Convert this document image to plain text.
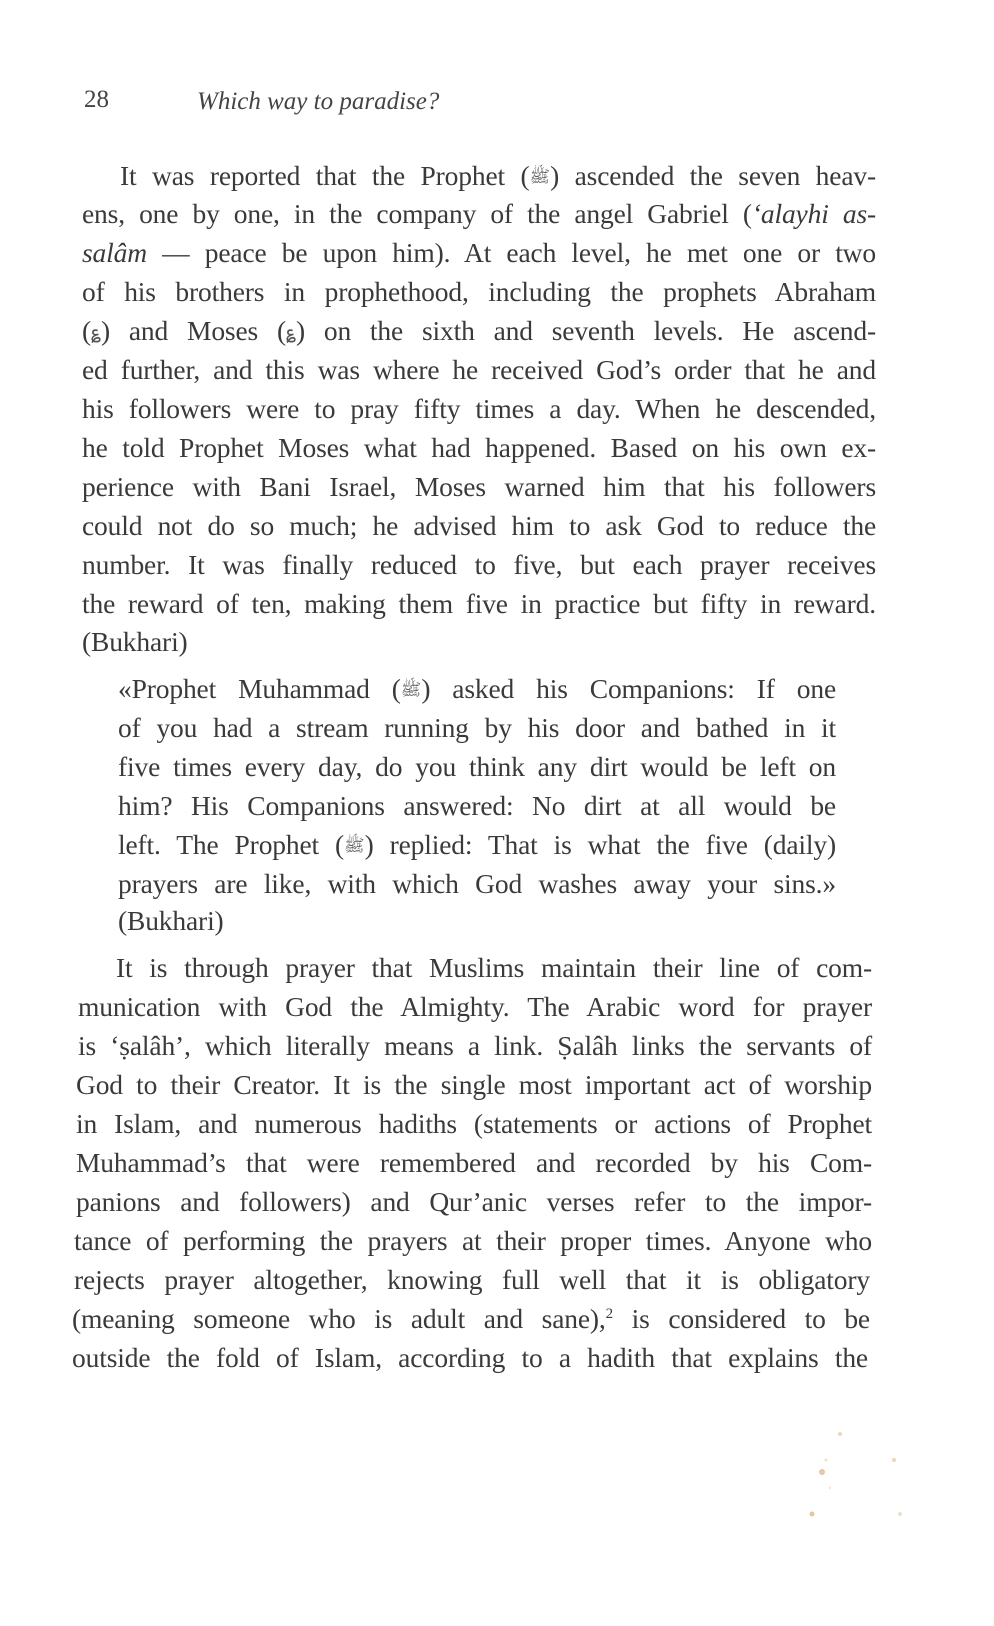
28	Which way to paradise?
It was reported that the Prophet (ﷺ) ascended the seven heav-
ens, one by one, in the company of the angel Gabriel (‘alayhi as-
salâm — peace be upon him). At each level, he met one or two
of his brothers in prophethood, including the prophets Abraham
(؏) and Moses (؏) on the sixth and seventh levels. He ascend-
ed further, and this was where he received God’s order that he and
his followers were to pray fifty times a day. When he descended,
he told Prophet Moses what had happened. Based on his own ex-
perience with Bani Israel, Moses warned him that his followers
could not do so much; he advised him to ask God to reduce the
number. It was finally reduced to five, but each prayer receives
the reward of ten, making them five in practice but fifty in reward.
(Bukhari)
«Prophet Muhammad (ﷺ) asked his Companions: If one
of you had a stream running by his door and bathed in it
five times every day, do you think any dirt would be left on
him? His Companions answered: No dirt at all would be
left. The Prophet (ﷺ) replied: That is what the five (daily)
prayers are like, with which God washes away your sins.»
(Bukhari)
It is through prayer that Muslims maintain their line of com-
munication with God the Almighty. The Arabic word for prayer
is ‘ṣalâh’, which literally means a link. Ṣalâh links the servants of
God to their Creator. It is the single most important act of worship
in Islam, and numerous hadiths (statements or actions of Prophet
Muhammad’s that were remembered and recorded by his Com-
panions and followers) and Qur’anic verses refer to the impor-
tance of performing the prayers at their proper times. Anyone who
rejects prayer altogether, knowing full well that it is obligatory
(meaning someone who is adult and sane),$^2$ is considered to be
outside the fold of Islam, according to a hadith that explains the
